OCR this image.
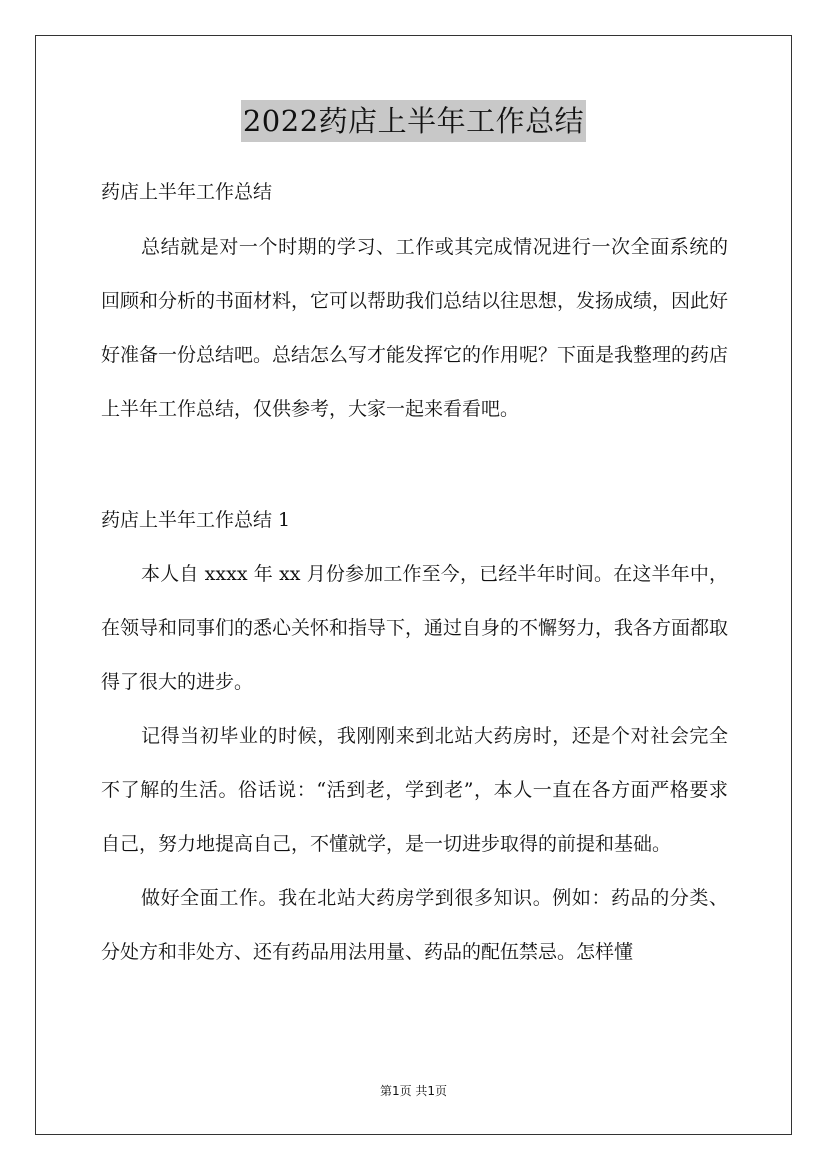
2022药店上半年工作总结
药店上半年工作总结

总结就是对一个时期的学习、工作或其完成情况进行一次全面系统的回顾和分析的书面材料，它可以帮助我们总结以往思想，发扬成绩，因此好好准备一份总结吧。总结怎么写才能发挥它的作用呢？下面是我整理的药店上半年工作总结，仅供参考，大家一起来看看吧。

药店上半年工作总结 1

本人自 xxxx 年 xx 月份参加工作至今，已经半年时间。在这半年中，在领导和同事们的悉心关怀和指导下，通过自身的不懈努力，我各方面都取得了很大的进步。

记得当初毕业的时候，我刚刚来到北站大药房时，还是个对社会完全不了解的生活。俗话说：“活到老，学到老”，本人一直在各方面严格要求自己，努力地提高自己，不懂就学，是一切进步取得的前提和基础。

做好全面工作。我在北站大药房学到很多知识。例如：药品的分类、分处方和非处方、还有药品用法用量、药品的配伍禁忌。怎样懂

第1页 共1页
